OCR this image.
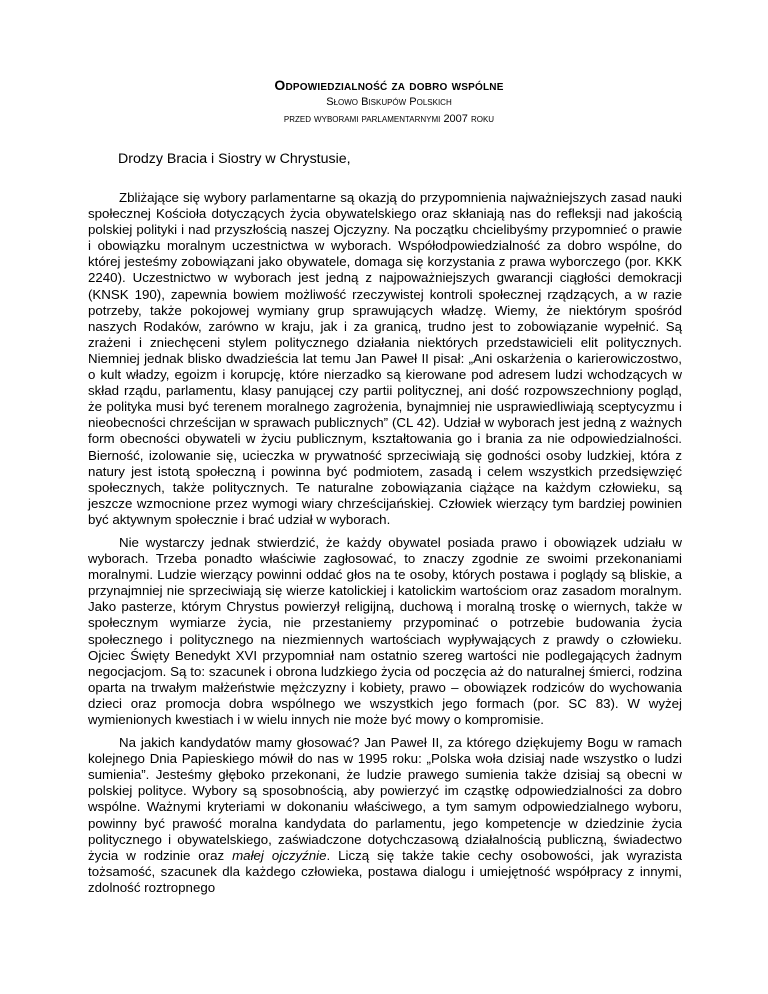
Odpowiedzialność za dobro wspólne

Słowo Biskupów Polskich

przed wyborami parlamentarnymi 2007 roku

Drodzy Bracia i Siostry w Chrystusie,

Zbliżające się wybory parlamentarne są okazją do przypomnienia najważniejszych zasad nauki społecznej Kościoła dotyczących życia obywatelskiego oraz skłaniają nas do refleksji nad jakością polskiej polityki i nad przyszłością naszej Ojczyzny. Na początku chcielibyśmy przypomnieć o prawie i obowiązku moralnym uczestnictwa w wyborach. Współodpowiedzialność za dobro wspólne, do której jesteśmy zobowiązani jako obywatele, domaga się korzystania z prawa wyborczego (por. KKK 2240). Uczestnictwo w wyborach jest jedną z najpoważniejszych gwarancji ciągłości demokracji (KNSK 190), zapewnia bowiem możliwość rzeczywistej kontroli społecznej rządzących, a w razie potrzeby, także pokojowej wymiany grup sprawujących władzę. Wiemy, że niektórym spośród naszych Rodaków, zarówno w kraju, jak i za granicą, trudno jest to zobowiązanie wypełnić. Są zrażeni i zniechęceni stylem politycznego działania niektórych przedstawicieli elit politycznych. Niemniej jednak blisko dwadzieścia lat temu Jan Paweł II pisał: „Ani oskarżenia o karierowiczostwo, o kult władzy, egoizm i korupcję, które nierzadko są kierowane pod adresem ludzi wchodzących w skład rządu, parlamentu, klasy panującej czy partii politycznej, ani dość rozpowszechniony pogląd, że polityka musi być terenem moralnego zagrożenia, bynajmniej nie usprawiedliwiają sceptycyzmu i nieobecności chrześcijan w sprawach publicznych” (CL 42). Udział w wyborach jest jedną z ważnych form obecności obywateli w życiu publicznym, kształtowania go i brania za nie odpowiedzialności. Bierność, izolowanie się, ucieczka w prywatność sprzeciwiają się godności osoby ludzkiej, która z natury jest istotą społeczną i powinna być podmiotem, zasadą i celem wszystkich przedsięwzięć społecznych, także politycznych. Te naturalne zobowiązania ciążące na każdym człowieku, są jeszcze wzmocnione przez wymogi wiary chrześcijańskiej. Człowiek wierzący tym bardziej powinien być aktywnym społecznie i brać udział w wyborach.

Nie wystarczy jednak stwierdzić, że każdy obywatel posiada prawo i obowiązek udziału w wyborach. Trzeba ponadto właściwie zagłosować, to znaczy zgodnie ze swoimi przekonaniami moralnymi. Ludzie wierzący powinni oddać głos na te osoby, których postawa i poglądy są bliskie, a przynajmniej nie sprzeciwiają się wierze katolickiej i katolickim wartościom oraz zasadom moralnym. Jako pasterze, którym Chrystus powierzył religijną, duchową i moralną troskę o wiernych, także w społecznym wymiarze życia, nie przestaniemy przypominać o potrzebie budowania życia społecznego i politycznego na niezmiennych wartościach wypływających z prawdy o człowieku. Ojciec Święty Benedykt XVI przypomniał nam ostatnio szereg wartości nie podlegających żadnym negocjacjom. Są to: szacunek i obrona ludzkiego życia od poczęcia aż do naturalnej śmierci, rodzina oparta na trwałym małżeństwie mężczyzny i kobiety, prawo – obowiązek rodziców do wychowania dzieci oraz promocja dobra wspólnego we wszystkich jego formach (por. SC 83). W wyżej wymienionych kwestiach i w wielu innych nie może być mowy o kompromisie.

Na jakich kandydatów mamy głosować? Jan Paweł II, za którego dziękujemy Bogu w ramach kolejnego Dnia Papieskiego mówił do nas w 1995 roku: „Polska woła dzisiaj nade wszystko o ludzi sumienia”. Jesteśmy głęboko przekonani, że ludzie prawego sumienia także dzisiaj są obecni w polskiej polityce. Wybory są sposobnością, aby powierzyć im cząstkę odpowiedzialności za dobro wspólne. Ważnymi kryteriami w dokonaniu właściwego, a tym samym odpowiedzialnego wyboru, powinny być prawość moralna kandydata do parlamentu, jego kompetencje w dziedzinie życia politycznego i obywatelskiego, zaświadczone dotychczasową działalnością publiczną, świadectwo życia w rodzinie oraz małej ojczyźnie. Liczą się także takie cechy osobowości, jak wyrazista tożsamość, szacunek dla każdego człowieka, postawa dialogu i umiejętność współpracy z innymi, zdolność roztropnego
